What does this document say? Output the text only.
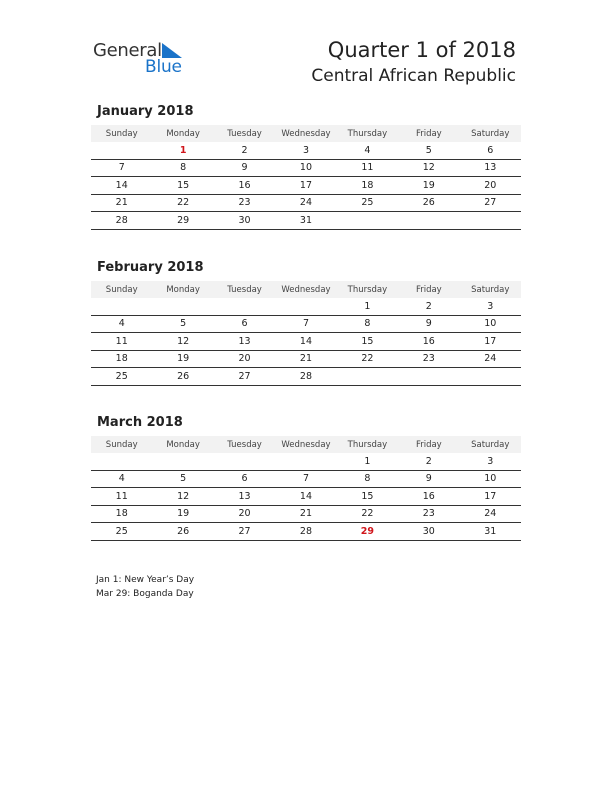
General
Blue
Quarter 1 of 2018
Central African Republic
January 2018
Sunday	Monday	Tuesday	Wednesday	Thursday	Friday	Saturday
	1	2	3	4	5	6
7	8	9	10	11	12	13
14	15	16	17	18	19	20
21	22	23	24	25	26	27
28	29	30	31			
February 2018
Sunday	Monday	Tuesday	Wednesday	Thursday	Friday	Saturday
				1	2	3
4	5	6	7	8	9	10
11	12	13	14	15	16	17
18	19	20	21	22	23	24
25	26	27	28			
March 2018
Sunday	Monday	Tuesday	Wednesday	Thursday	Friday	Saturday
				1	2	3
4	5	6	7	8	9	10
11	12	13	14	15	16	17
18	19	20	21	22	23	24
25	26	27	28	29	30	31
Jan 1: New Year’s Day
Mar 29: Boganda Day
